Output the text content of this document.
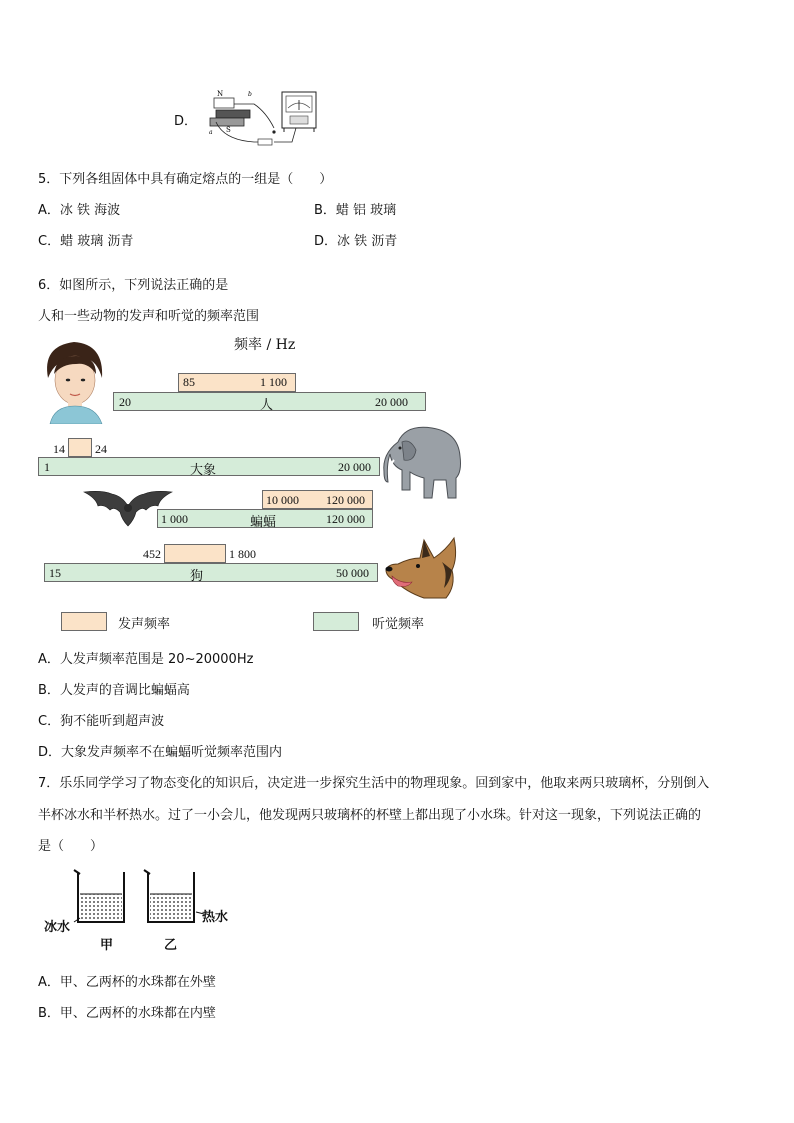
D．
N
S
a
b
5．下列各组固体中具有确定熔点的一组是（　　）
A．冰 铁 海波	B．蜡 铝 玻璃
C．蜡 玻璃 沥青	D．冰 铁 沥青
6．如图所示，下列说法正确的是
人和一些动物的发声和听觉的频率范围
频率 / Hz
85	1 100
20	人	20 000
14	24
1	大象	20 000
10 000 120 000
1 000	蝙蝠	120 000
452	1 800
15	狗	50 000
发声频率	听觉频率
A．人发声频率范围是 20~20000Hz
B．人发声的音调比蝙蝠高
C．狗不能听到超声波
D．大象发声频率不在蝙蝠听觉频率范围内
7．乐乐同学学习了物态变化的知识后，决定进一步探究生活中的物理现象。回到家中，他取来两只玻璃杯，分别倒入
半杯冰水和半杯热水。过了一小会儿，他发现两只玻璃杯的杯壁上都出现了小水珠。针对这一现象，下列说法正确的
是（　　）
冰水
热水
甲	乙
A．甲、乙两杯的水珠都在外壁
B．甲、乙两杯的水珠都在内壁
